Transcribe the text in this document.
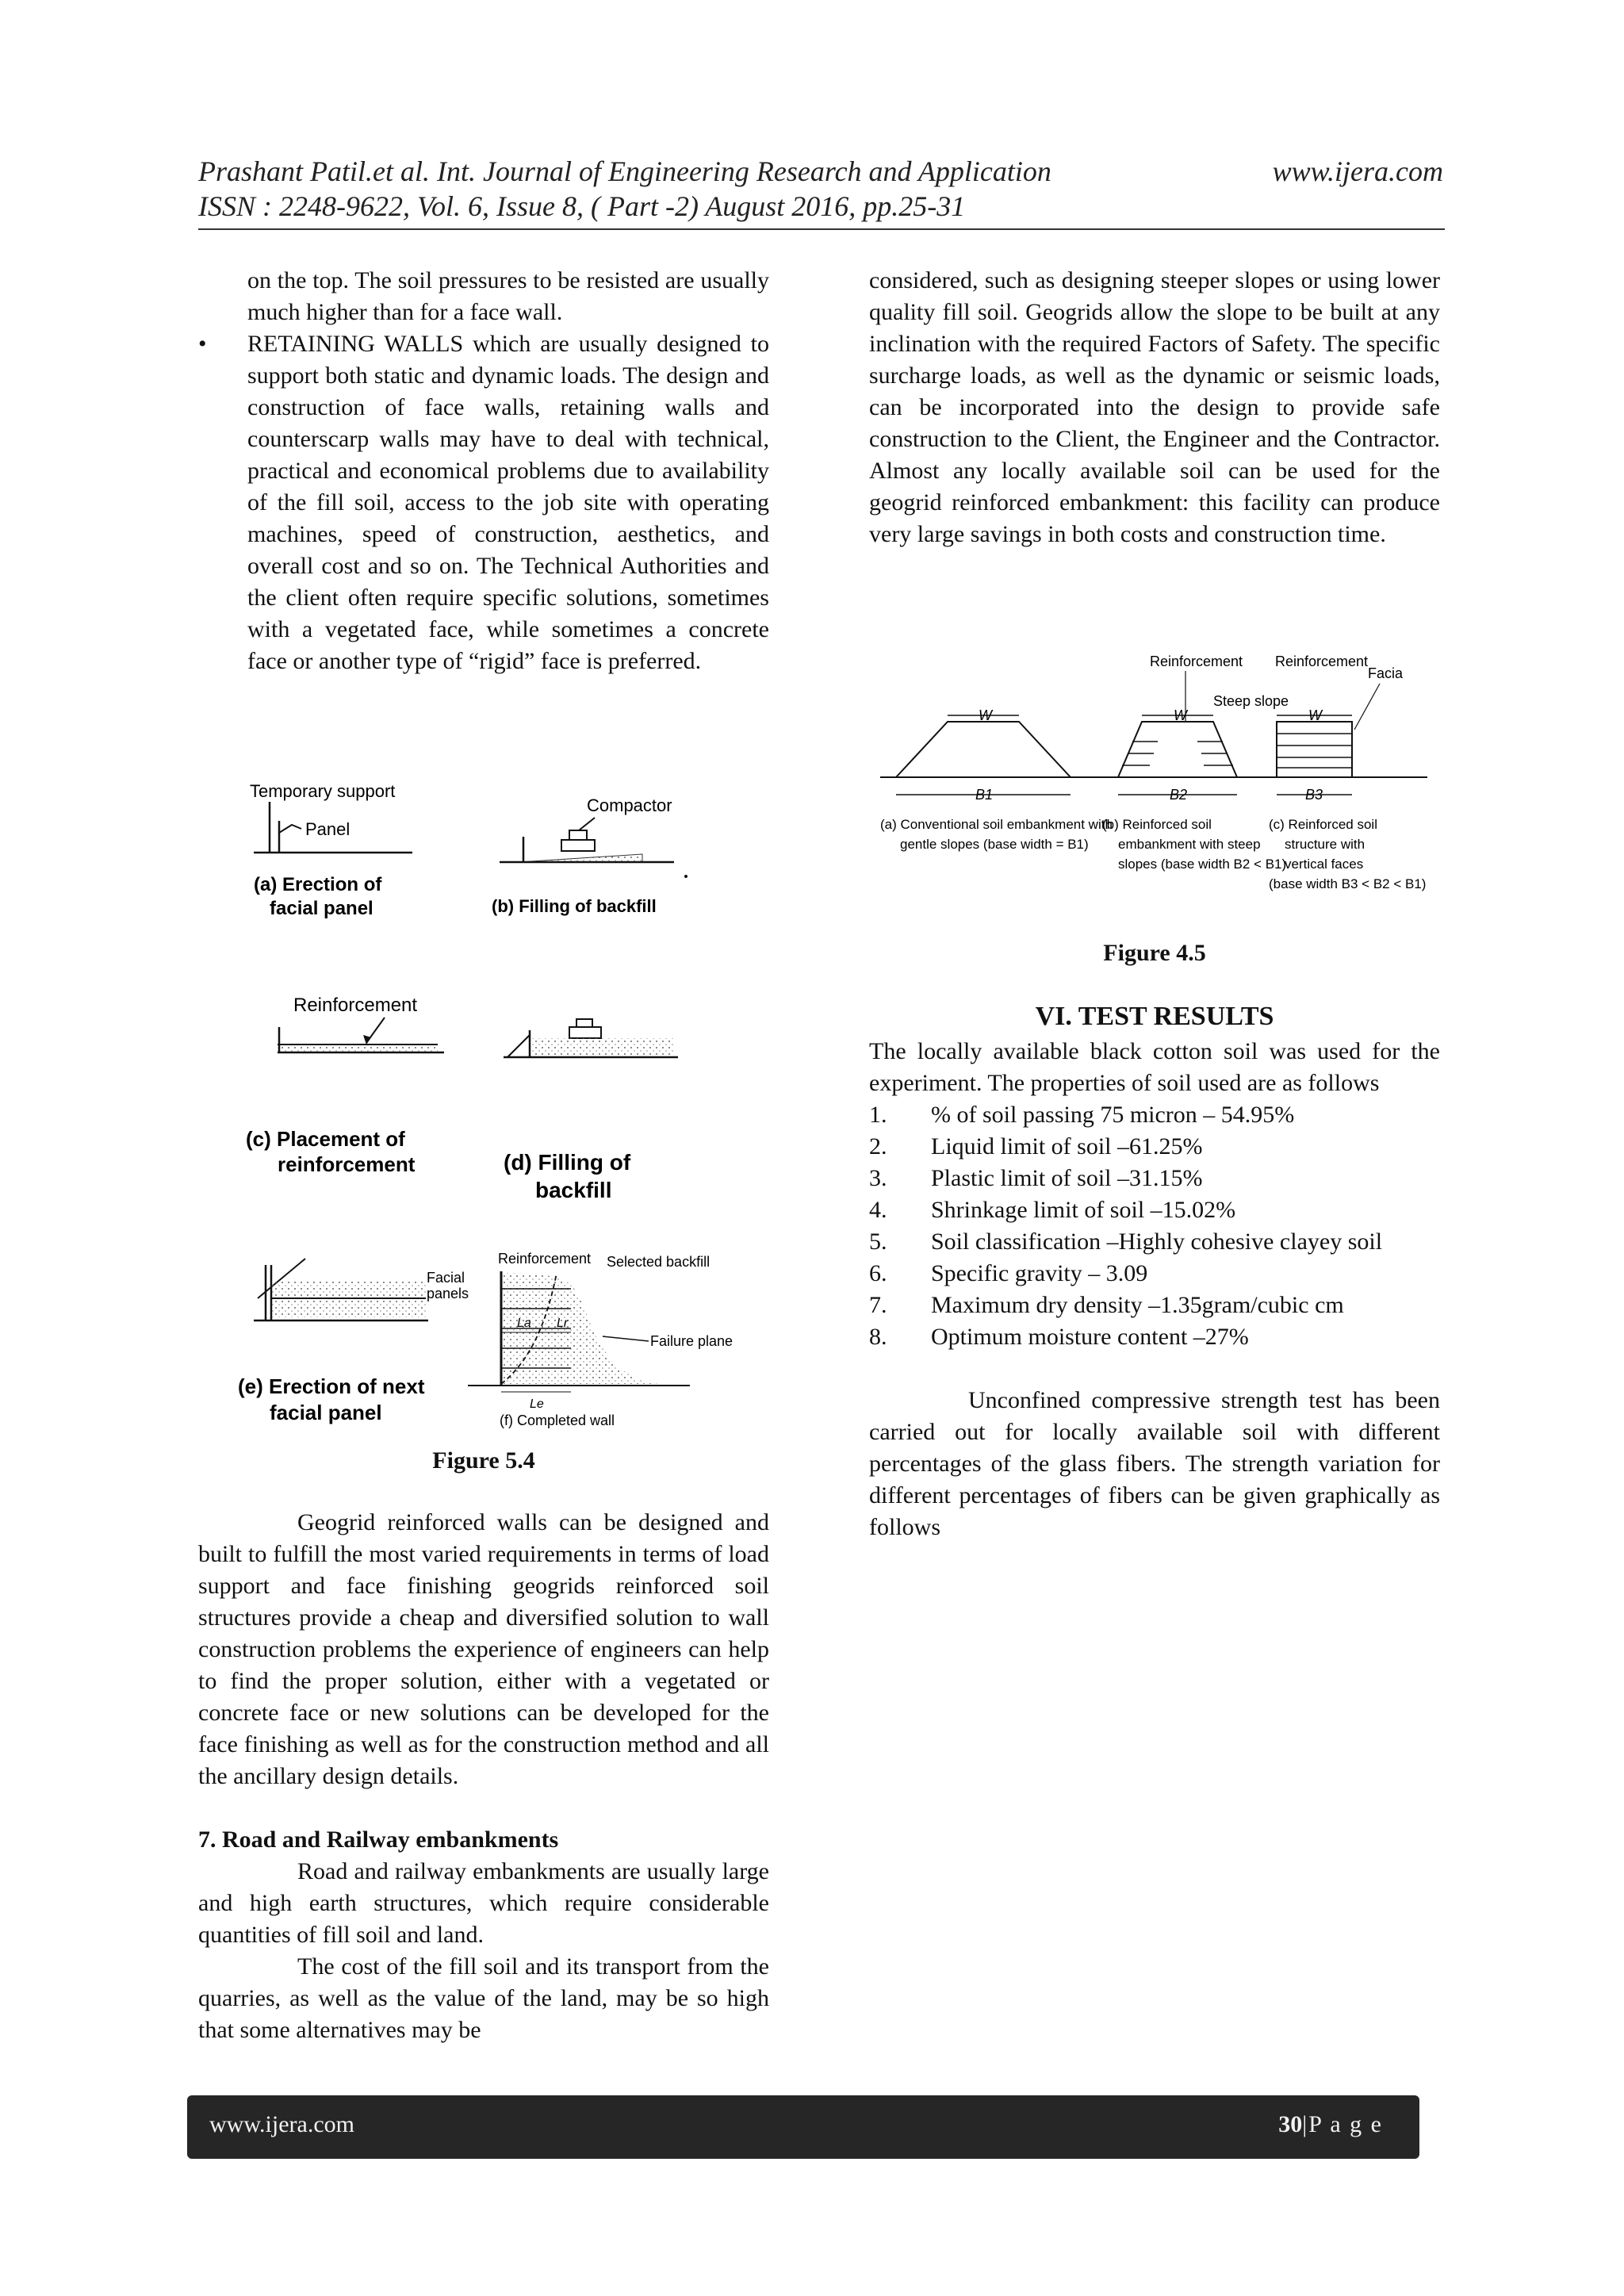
Prashant Patil.et al. Int. Journal of Engineering Research and Application	www.ijera.com
ISSN : 2248-9622, Vol. 6, Issue 8, ( Part -2) August 2016, pp.25-31

on the top. The soil pressures to be resisted are usually much higher than for a face wall.

•	RETAINING WALLS which are usually designed to support both static and dynamic loads. The design and construction of face walls, retaining walls and counterscarp walls may have to deal with technical, practical and economical problems due to availability of the fill soil, access to the job site with operating machines, speed of construction, aesthetics, and overall cost and so on. The Technical Authorities and the client often require specific solutions, sometimes with a vegetated face, while sometimes a concrete face or another type of “rigid” face is preferred.
Temporary support
Panel
(a) Erection of
facial panel
Compactor
(b) Filling of backfill
Reinforcement
(c) Placement of
reinforcement	(d) Filling of
backfill
(e) Erection of next
facial panel
Reinforcement Selected backfill
Facial
panels
Failure plane
La Lr
Le
(f) Completed wall
Figure 5.4

Geogrid reinforced walls can be designed and built to fulfill the most varied requirements in terms of load support and face finishing geogrids reinforced soil structures provide a cheap and diversified solution to wall construction problems the experience of engineers can help to find the proper solution, either with a vegetated or concrete face or new solutions can be developed for the face finishing as well as for the construction method and all the ancillary design details.

7. Road and Railway embankments

Road and railway embankments are usually large and high earth structures, which require considerable quantities of fill soil and land.

The cost of the fill soil and its transport from the quarries, as well as the value of the land, may be so high that some alternatives may be

considered, such as designing steeper slopes or using lower quality fill soil. Geogrids allow the slope to be built at any inclination with the required Factors of Safety. The specific surcharge loads, as well as the dynamic or seismic loads, can be incorporated into the design to provide safe construction to the Client, the Engineer and the Contractor. Almost any locally available soil can be used for the geogrid reinforced embankment: this facility can produce very large savings in both costs and construction time.

Reinforcement Reinforcement
Facia
Steep slope
W	W	W
B1	B2	B3
(a) Conventional soil embankment with
gentle slopes (base width = B1)
(b) Reinforced soil
embankment with steep
slopes (base width B2 < B1)
(c) Reinforced soil
structure with
vertical faces
(base width B3 < B2 < B1)
Figure 4.5
VI. TEST RESULTS

The locally available black cotton soil was used for the experiment. The properties of soil used are as follows

1.	% of soil passing 75 micron – 54.95%
2.	Liquid limit of soil –61.25%
3.	Plastic limit of soil –31.15%
4.	Shrinkage limit of soil –15.02%
5.	Soil classification –Highly cohesive clayey soil
6.	Specific gravity – 3.09
7.	Maximum dry density –1.35gram/cubic cm
8.	Optimum moisture content –27%

Unconfined compressive strength test has been carried out for locally available soil with different percentages of the glass fibers. The strength variation for different percentages of fibers can be given graphically as follows

www.ijera.com	30|P a g e
